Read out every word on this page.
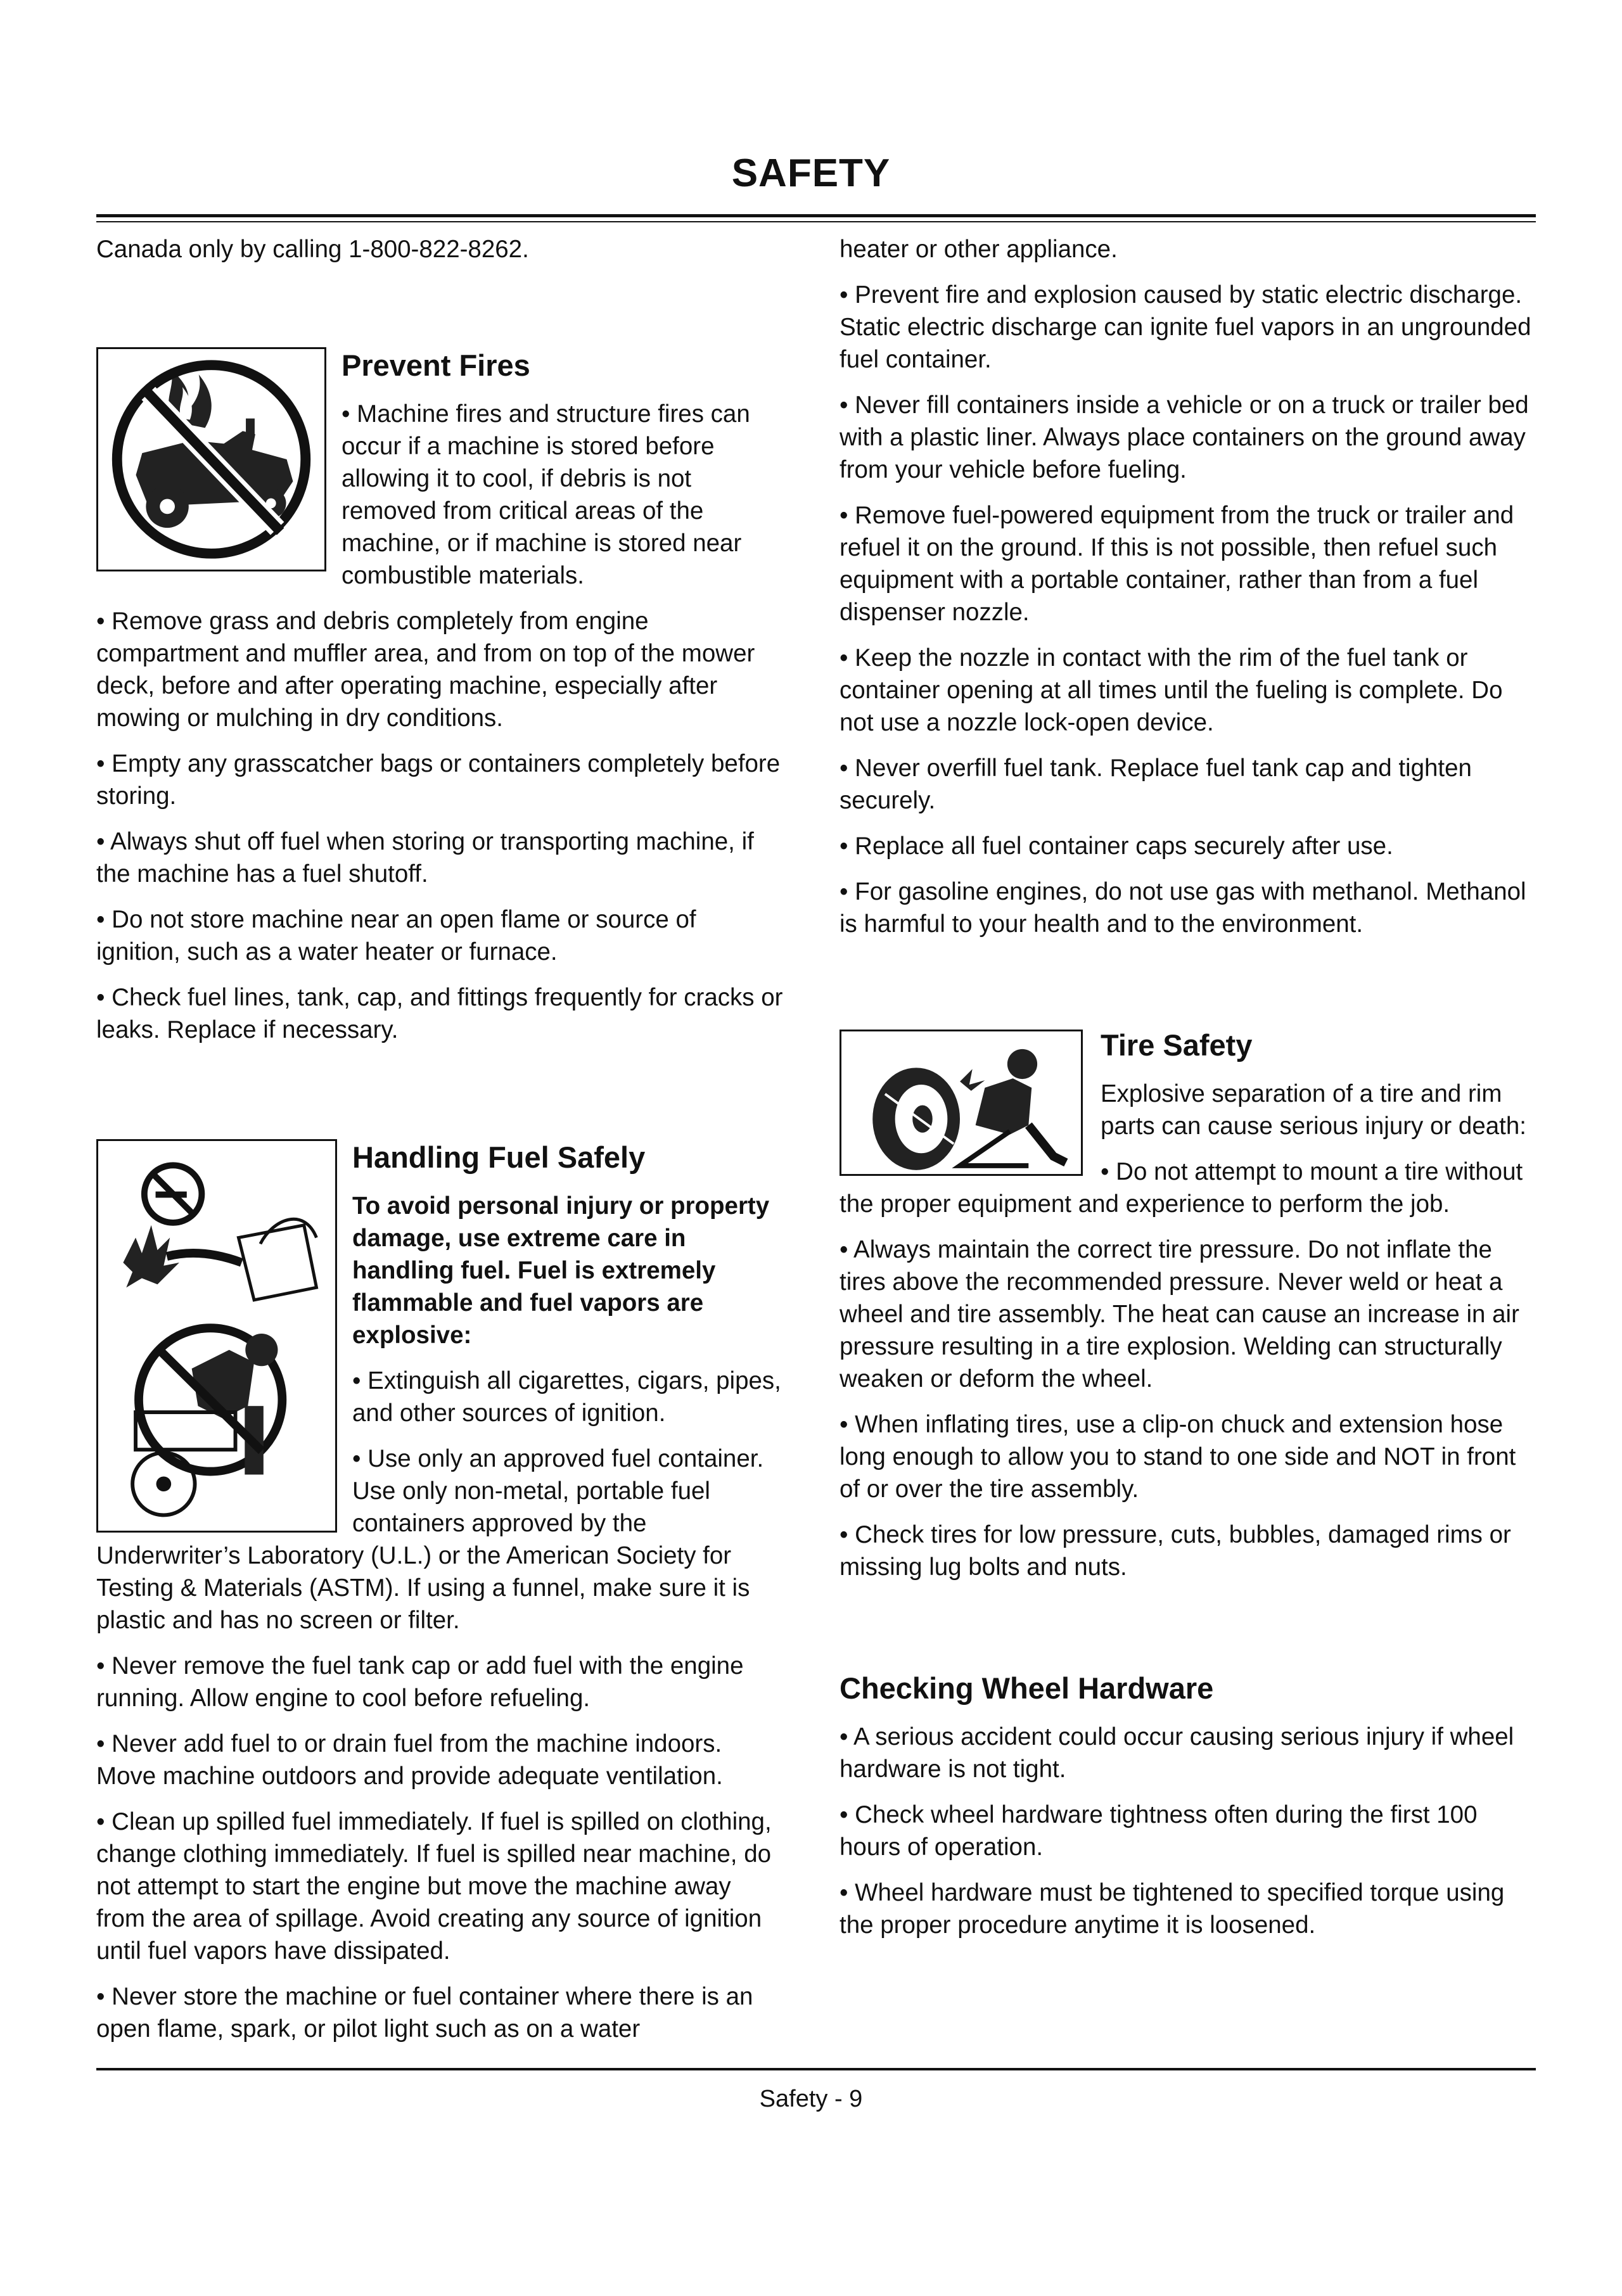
SAFETY

Canada only by calling 1-800-822-8262.

Prevent Fires

• Machine fires and structure fires can occur if a machine is stored before allowing it to cool, if debris is not removed from critical areas of the machine, or if machine is stored near combustible materials.

• Remove grass and debris completely from engine compartment and muffler area, and from on top of the mower deck, before and after operating machine, especially after mowing or mulching in dry conditions.

• Empty any grasscatcher bags or containers completely before storing.

• Always shut off fuel when storing or transporting machine, if the machine has a fuel shutoff.

• Do not store machine near an open flame or source of ignition, such as a water heater or furnace.

• Check fuel lines, tank, cap, and fittings frequently for cracks or leaks. Replace if necessary.

Handling Fuel Safely

To avoid personal injury or property damage, use extreme care in handling fuel. Fuel is extremely flammable and fuel vapors are explosive:

• Extinguish all cigarettes, cigars, pipes, and other sources of ignition.

• Use only an approved fuel container. Use only non-metal, portable fuel containers approved by the Underwriter’s Laboratory (U.L.) or the American Society for Testing & Materials (ASTM). If using a funnel, make sure it is plastic and has no screen or filter.

• Never remove the fuel tank cap or add fuel with the engine running. Allow engine to cool before refueling.

• Never add fuel to or drain fuel from the machine indoors. Move machine outdoors and provide adequate ventilation.

• Clean up spilled fuel immediately. If fuel is spilled on clothing, change clothing immediately. If fuel is spilled near machine, do not attempt to start the engine but move the machine away from the area of spillage. Avoid creating any source of ignition until fuel vapors have dissipated.

• Never store the machine or fuel container where there is an open flame, spark, or pilot light such as on a water

heater or other appliance.

• Prevent fire and explosion caused by static electric discharge. Static electric discharge can ignite fuel vapors in an ungrounded fuel container.

• Never fill containers inside a vehicle or on a truck or trailer bed with a plastic liner. Always place containers on the ground away from your vehicle before fueling.

• Remove fuel-powered equipment from the truck or trailer and refuel it on the ground. If this is not possible, then refuel such equipment with a portable container, rather than from a fuel dispenser nozzle.

• Keep the nozzle in contact with the rim of the fuel tank or container opening at all times until the fueling is complete. Do not use a nozzle lock-open device.

• Never overfill fuel tank. Replace fuel tank cap and tighten securely.

• Replace all fuel container caps securely after use.

• For gasoline engines, do not use gas with methanol. Methanol is harmful to your health and to the environment.

Tire Safety

Explosive separation of a tire and rim parts can cause serious injury or death:

• Do not attempt to mount a tire without the proper equipment and experience to perform the job.

• Always maintain the correct tire pressure. Do not inflate the tires above the recommended pressure. Never weld or heat a wheel and tire assembly. The heat can cause an increase in air pressure resulting in a tire explosion. Welding can structurally weaken or deform the wheel.

• When inflating tires, use a clip-on chuck and extension hose long enough to allow you to stand to one side and NOT in front of or over the tire assembly.

• Check tires for low pressure, cuts, bubbles, damaged rims or missing lug bolts and nuts.

Checking Wheel Hardware

• A serious accident could occur causing serious injury if wheel hardware is not tight.

• Check wheel hardware tightness often during the first 100 hours of operation.

• Wheel hardware must be tightened to specified torque using the proper procedure anytime it is loosened.

Safety - 9
